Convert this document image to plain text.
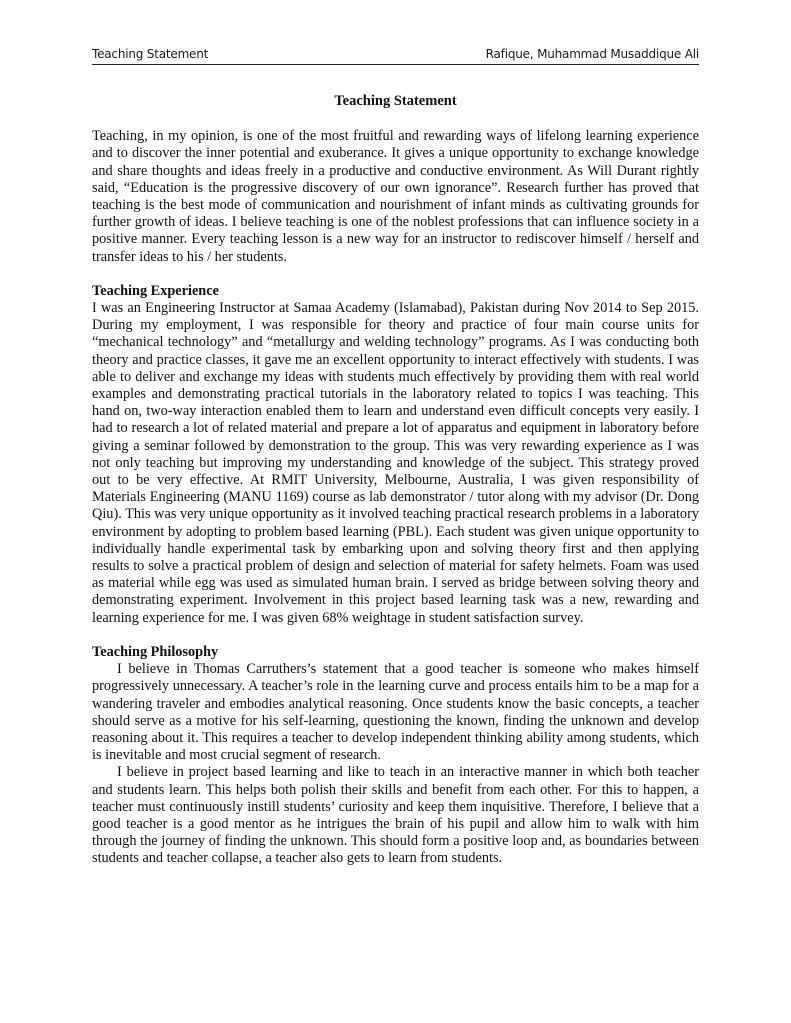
Teaching Statement	Rafique, Muhammad Musaddique Ali
Teaching Statement

Teaching, in my opinion, is one of the most fruitful and rewarding ways of lifelong learning experience and to discover the inner potential and exuberance. It gives a unique opportunity to exchange knowledge and share thoughts and ideas freely in a productive and conductive environment. As Will Durant rightly said, “Education is the progressive discovery of our own ignorance”. Research further has proved that teaching is the best mode of communication and nourishment of infant minds as cultivating grounds for further growth of ideas. I believe teaching is one of the noblest professions that can influence society in a positive manner. Every teaching lesson is a new way for an instructor to rediscover himself / herself and transfer ideas to his / her students.

Teaching Experience

I was an Engineering Instructor at Samaa Academy (Islamabad), Pakistan during Nov 2014 to Sep 2015. During my employment, I was responsible for theory and practice of four main course units for “mechanical technology” and “metallurgy and welding technology” programs. As I was conducting both theory and practice classes, it gave me an excellent opportunity to interact effectively with students. I was able to deliver and exchange my ideas with students much effectively by providing them with real world examples and demonstrating practical tutorials in the laboratory related to topics I was teaching. This hand on, two-way interaction enabled them to learn and understand even difficult concepts very easily. I had to research a lot of related material and prepare a lot of apparatus and equipment in laboratory before giving a seminar followed by demonstration to the group. This was very rewarding experience as I was not only teaching but improving my understanding and knowledge of the subject. This strategy proved out to be very effective. At RMIT University, Melbourne, Australia, I was given responsibility of Materials Engineering (MANU 1169) course as lab demonstrator / tutor along with my advisor (Dr. Dong Qiu). This was very unique opportunity as it involved teaching practical research problems in a laboratory environment by adopting to problem based learning (PBL). Each student was given unique opportunity to individually handle experimental task by embarking upon and solving theory first and then applying results to solve a practical problem of design and selection of material for safety helmets. Foam was used as material while egg was used as simulated human brain. I served as bridge between solving theory and demonstrating experiment. Involvement in this project based learning task was a new, rewarding and learning experience for me. I was given 68% weightage in student satisfaction survey.

Teaching Philosophy

I believe in Thomas Carruthers’s statement that a good teacher is someone who makes himself progressively unnecessary. A teacher’s role in the learning curve and process entails him to be a map for a wandering traveler and embodies analytical reasoning. Once students know the basic concepts, a teacher should serve as a motive for his self-learning, questioning the known, finding the unknown and develop reasoning about it. This requires a teacher to develop independent thinking ability among students, which is inevitable and most crucial segment of research.

I believe in project based learning and like to teach in an interactive manner in which both teacher and students learn. This helps both polish their skills and benefit from each other. For this to happen, a teacher must continuously instill students’ curiosity and keep them inquisitive. Therefore, I believe that a good teacher is a good mentor as he intrigues the brain of his pupil and allow him to walk with him through the journey of finding the unknown. This should form a positive loop and, as boundaries between students and teacher collapse, a teacher also gets to learn from students.
